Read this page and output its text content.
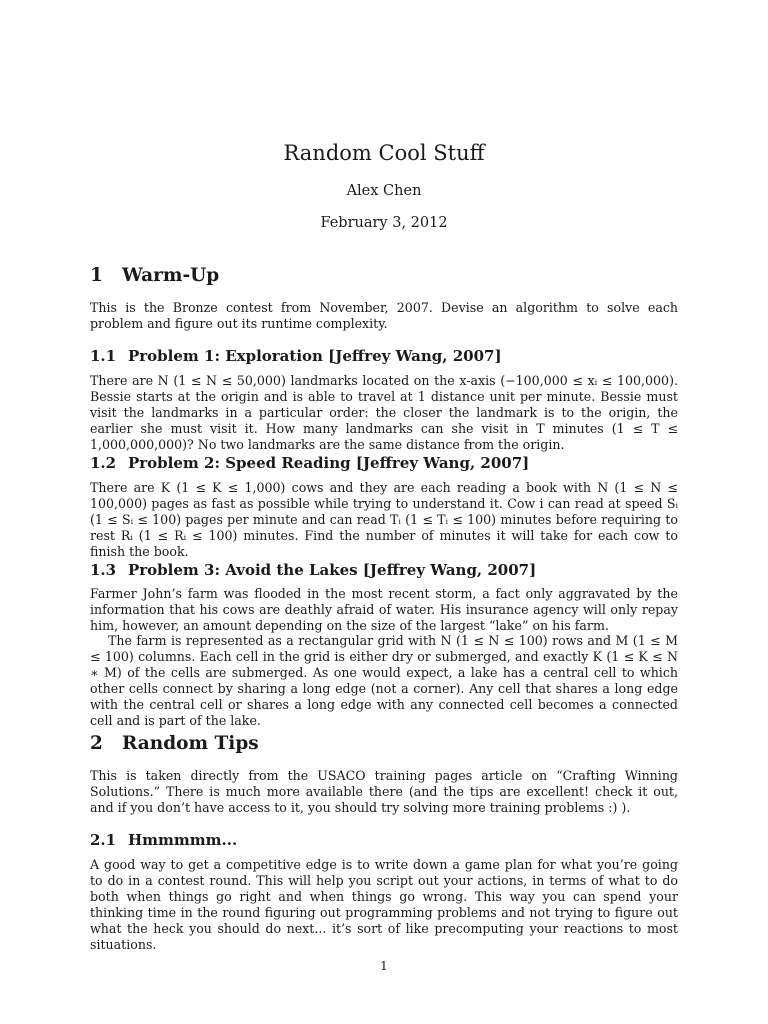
Random Cool Stuff
Alex Chen
February 3, 2012
1 Warm-Up

This is the Bronze contest from November, 2007. Devise an algorithm to solve each problem and figure out its runtime complexity.

1.1 Problem 1: Exploration [Jeffrey Wang, 2007]

There are N (1 ≤ N ≤ 50,000) landmarks located on the x-axis (−100,000 ≤ xᵢ ≤ 100,000). Bessie starts at the origin and is able to travel at 1 distance unit per minute. Bessie must visit the landmarks in a particular order: the closer the landmark is to the origin, the earlier she must visit it. How many landmarks can she visit in T minutes (1 ≤ T ≤ 1,000,000,000)? No two landmarks are the same distance from the origin.

1.2 Problem 2: Speed Reading [Jeffrey Wang, 2007]

There are K (1 ≤ K ≤ 1,000) cows and they are each reading a book with N (1 ≤ N ≤ 100,000) pages as fast as possible while trying to understand it. Cow i can read at speed Sᵢ (1 ≤ Sᵢ ≤ 100) pages per minute and can read Tᵢ (1 ≤ Tᵢ ≤ 100) minutes before requiring to rest Rᵢ (1 ≤ Rᵢ ≤ 100) minutes. Find the number of minutes it will take for each cow to finish the book.

1.3 Problem 3: Avoid the Lakes [Jeffrey Wang, 2007]

Farmer John’s farm was flooded in the most recent storm, a fact only aggravated by the information that his cows are deathly afraid of water. His insurance agency will only repay him, however, an amount depending on the size of the largest “lake” on his farm.

The farm is represented as a rectangular grid with N (1 ≤ N ≤ 100) rows and M (1 ≤ M ≤ 100) columns. Each cell in the grid is either dry or submerged, and exactly K (1 ≤ K ≤ N ∗ M) of the cells are submerged. As one would expect, a lake has a central cell to which other cells connect by sharing a long edge (not a corner). Any cell that shares a long edge with the central cell or shares a long edge with any connected cell becomes a connected cell and is part of the lake.

2 Random Tips

This is taken directly from the USACO training pages article on “Crafting Winning Solutions.” There is much more available there (and the tips are excellent! check it out, and if you don’t have access to it, you should try solving more training problems :) ).

2.1 Hmmmmm...

A good way to get a competitive edge is to write down a game plan for what you’re going to do in a contest round. This will help you script out your actions, in terms of what to do both when things go right and when things go wrong. This way you can spend your thinking time in the round figuring out programming problems and not trying to figure out what the heck you should do next... it’s sort of like precomputing your reactions to most situations.

1
